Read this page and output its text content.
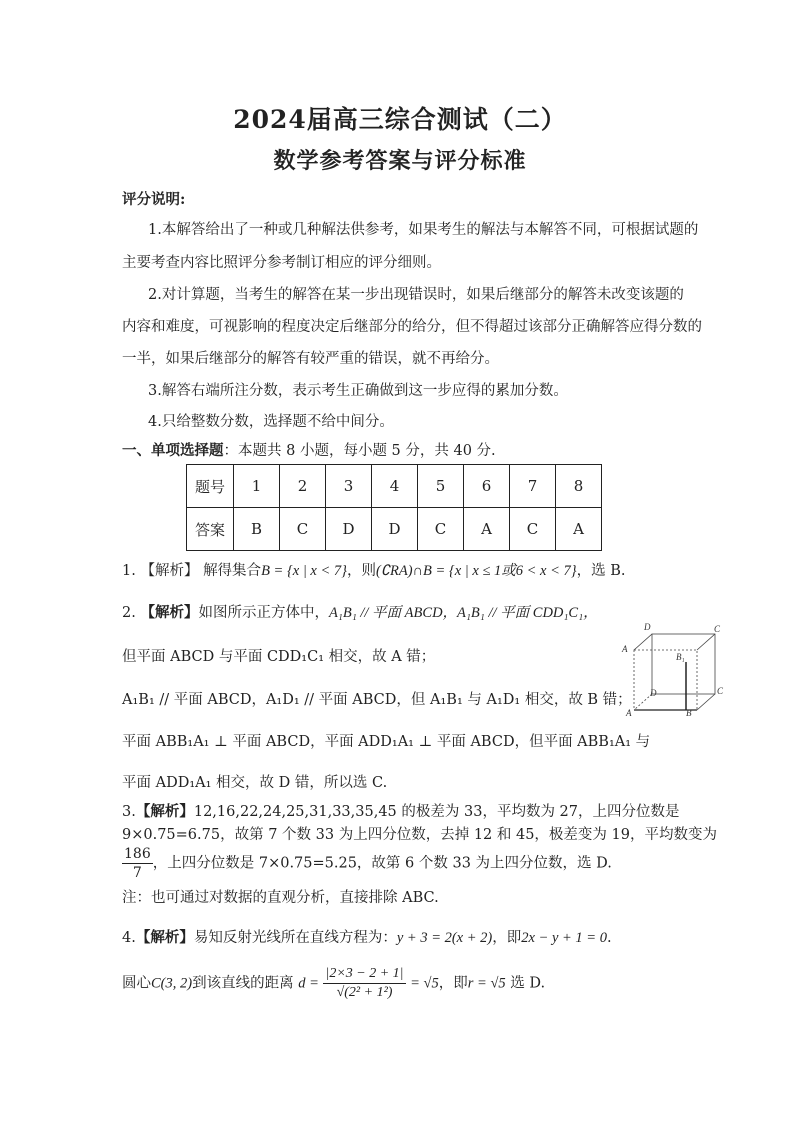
2024届高三综合测试（二）
数学参考答案与评分标准
评分说明:
1.本解答给出了一种或几种解法供参考，如果考生的解法与本解答不同，可根据试题的
主要考查内容比照评分参考制订相应的评分细则。
2.对计算题，当考生的解答在某一步出现错误时，如果后继部分的解答未改变该题的
内容和难度，可视影响的程度决定后继部分的给分，但不得超过该部分正确解答应得分数的
一半，如果后继部分的解答有较严重的错误，就不再给分。
3.解答右端所注分数，表示考生正确做到这一步应得的累加分数。
4.只给整数分数，选择题不给中间分。
一、单项选择题：本题共 8 小题，每小题 5 分，共 40 分.
题号	1	2	3	4	5	6	7	8
答案	B	C	D	D	C	A	C	A
1. 【解析】 解得集合B = {x | x < 7}，则(∁RA)∩B = {x | x ≤ 1或6 < x < 7}，选 B.
2. 【解析】如图所示正方体中，A₁B₁ // 平面 ABCD，A₁B₁ // 平面 CDD₁C₁，
但平面 ABCD 与平面 CDD₁C₁ 相交，故 A 错；
A₁B₁ // 平面 ABCD，A₁D₁ // 平面 ABCD，但 A₁B₁ 与 A₁D₁ 相交，故 B 错；
平面 ABB₁A₁ ⊥ 平面 ABCD，平面 ADD₁A₁ ⊥ 平面 ABCD，但平面 ABB₁A₁ 与
平面 ADD₁A₁ 相交，故 D 错，所以选 C.
D	C
A
B₁
D	C
A	B
3.【解析】12,16,22,24,25,31,33,35,45 的极差为 33，平均数为 27，上四分位数是
9×0.75=6.75，故第 7 个数 33 为上四分位数，去掉 12 和 45，极差变为 19，平均数变为
$\frac{186}{7}$ ，上四分位数是 7×0.75=5.25，故第 6 个数 33 为上四分位数，选 D.
注：也可通过对数据的直观分析，直接排除 ABC.
4.【解析】易知反射光线所在直线方程为：y + 3 = 2(x + 2)，即2x − y + 1 = 0.
圆心C(3, 2)到该直线的距离 $d = \frac{|2\times 3 - 2 + 1|}{\text{√(2² + 1²)}} = √5$，即r = √5 选 D.
